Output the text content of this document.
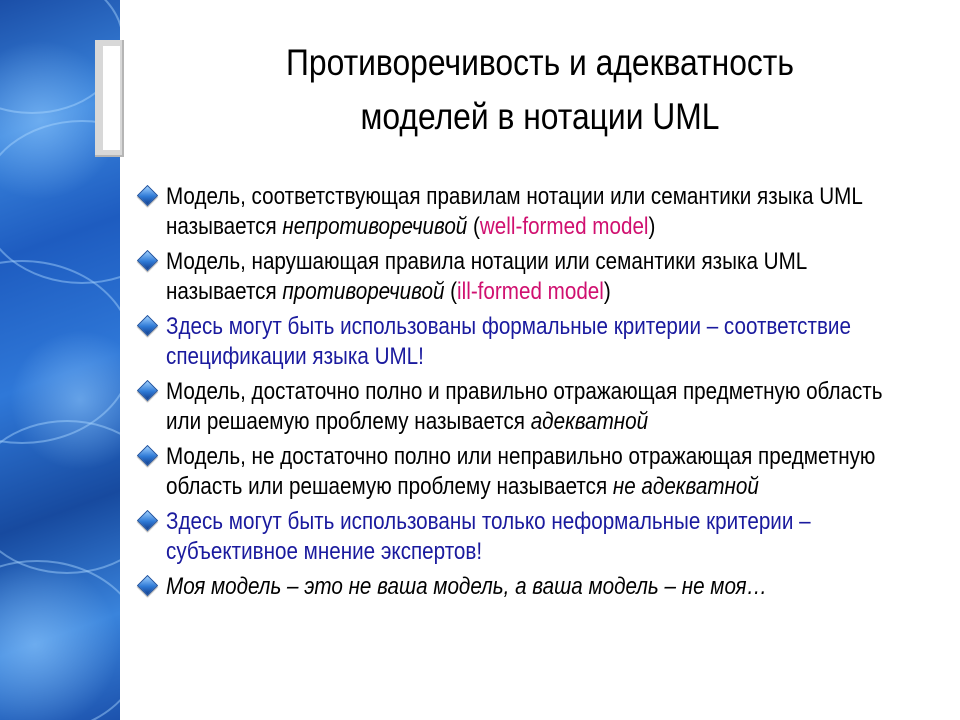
Противоречивость и адекватность
моделей в нотации UML
Модель, соответствующая правилам нотации или семантики языка UML называется непротиворечивой (well-formed model)
Модель, нарушающая правила нотации или семантики языка UML называется противоречивой (ill-formed model)
Здесь могут быть использованы формальные критерии – соответствие спецификации языка UML!
Модель, достаточно полно и правильно отражающая предметную область или решаемую проблему называется адекватной
Модель, не достаточно полно или неправильно отражающая предметную область или решаемую проблему называется не адекватной
Здесь могут быть использованы только неформальные критерии – субъективное мнение экспертов!
Моя модель – это не ваша модель, а ваша модель – не моя…
